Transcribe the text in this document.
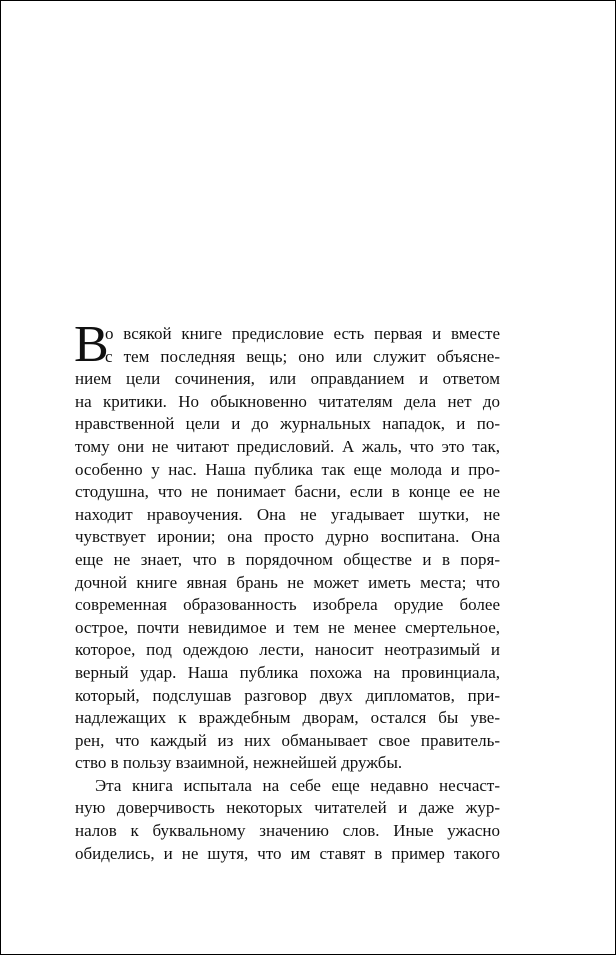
В
о всякой книге предисловие есть первая и вместе
с тем последняя вещь; оно или служит объясне-
нием цели сочинения, или оправданием и ответом
на критики. Но обыкновенно читателям дела нет до
нравственной цели и до журнальных нападок, и по-
тому они не читают предисловий. А жаль, что это так,
особенно у нас. Наша публика так еще молода и про-
стодушна, что не понимает басни, если в конце ее не
находит нравоучения. Она не угадывает шутки, не
чувствует иронии; она просто дурно воспитана. Она
еще не знает, что в порядочном обществе и в поря-
дочной книге явная брань не может иметь места; что
современная образованность изобрела орудие более
острое, почти невидимое и тем не менее смертельное,
которое, под одеждою лести, наносит неотразимый и
верный удар. Наша публика похожа на провинциала,
который, подслушав разговор двух дипломатов, при-
надлежащих к враждебным дворам, остался бы уве-
рен, что каждый из них обманывает свое правитель-
ство в пользу взаимной, нежнейшей дружбы.
Эта книга испытала на себе еще недавно несчаст-
ную доверчивость некоторых читателей и даже жур-
налов к буквальному значению слов. Иные ужасно
обиделись, и не шутя, что им ставят в пример такого
